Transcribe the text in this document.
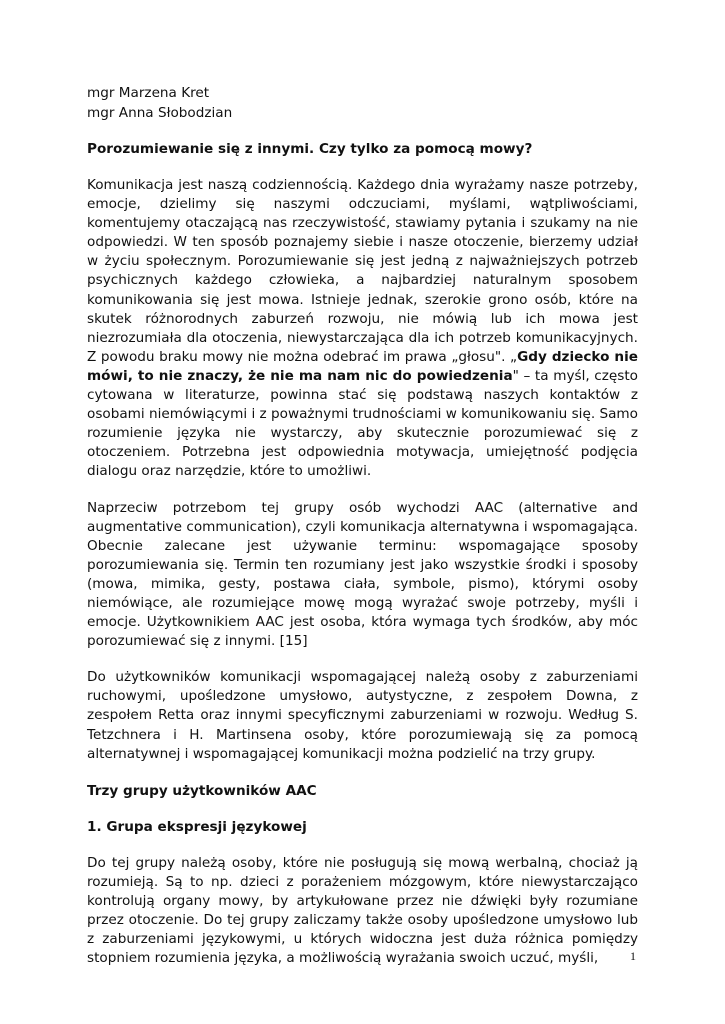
mgr Marzena Kret

mgr Anna Słobodzian

Porozumiewanie się z innymi. Czy tylko za pomocą mowy?

Komunikacja jest naszą codziennością. Każdego dnia wyrażamy nasze potrzeby, emocje, dzielimy się naszymi odczuciami, myślami, wątpliwościami, komentujemy otaczającą nas rzeczywistość, stawiamy pytania i szukamy na nie odpowiedzi. W ten sposób poznajemy siebie i nasze otoczenie, bierzemy udział w życiu społecznym. Porozumiewanie się jest jedną z najważniejszych potrzeb psychicznych każdego człowieka, a najbardziej naturalnym sposobem komunikowania się jest mowa. Istnieje jednak, szerokie grono osób, które na skutek różnorodnych zaburzeń rozwoju, nie mówią lub ich mowa jest niezrozumiała dla otoczenia, niewystarczająca dla ich potrzeb komunikacyjnych. Z powodu braku mowy nie można odebrać im prawa „głosu". „Gdy dziecko nie mówi, to nie znaczy, że nie ma nam nic do powiedzenia" – ta myśl, często cytowana w literaturze, powinna stać się podstawą naszych kontaktów z osobami niemówiącymi i z poważnymi trudnościami w komunikowaniu się. Samo rozumienie języka nie wystarczy, aby skutecznie porozumiewać się z otoczeniem. Potrzebna jest odpowiednia motywacja, umiejętność podjęcia dialogu oraz narzędzie, które to umożliwi.

Naprzeciw potrzebom tej grupy osób wychodzi AAC (alternative and augmentative communication), czyli komunikacja alternatywna i wspomagająca. Obecnie zalecane jest używanie terminu: wspomagające sposoby porozumiewania się. Termin ten rozumiany jest jako wszystkie środki i sposoby (mowa, mimika, gesty, postawa ciała, symbole, pismo), którymi osoby niemówiące, ale rozumiejące mowę mogą wyrażać swoje potrzeby, myśli i emocje. Użytkownikiem AAC jest osoba, która wymaga tych środków, aby móc porozumiewać się z innymi. [15]

Do użytkowników komunikacji wspomagającej należą osoby z zaburzeniami ruchowymi, upośledzone umysłowo, autystyczne, z zespołem Downa, z zespołem Retta oraz innymi specyficznymi zaburzeniami w rozwoju. Według S. Tetzchnera i H. Martinsena osoby, które porozumiewają się za pomocą alternatywnej i wspomagającej komunikacji można podzielić na trzy grupy.

Trzy grupy użytkowników AAC

1. Grupa ekspresji językowej

Do tej grupy należą osoby, które nie posługują się mową werbalną, chociaż ją rozumieją. Są to np. dzieci z porażeniem mózgowym, które niewystarczająco kontrolują organy mowy, by artykułowane przez nie dźwięki były rozumiane przez otoczenie. Do tej grupy zaliczamy także osoby upośledzone umysłowo lub z zaburzeniami językowymi, u których widoczna jest duża różnica pomiędzy stopniem rozumienia języka, a możliwością wyrażania swoich uczuć, myśli,	1
